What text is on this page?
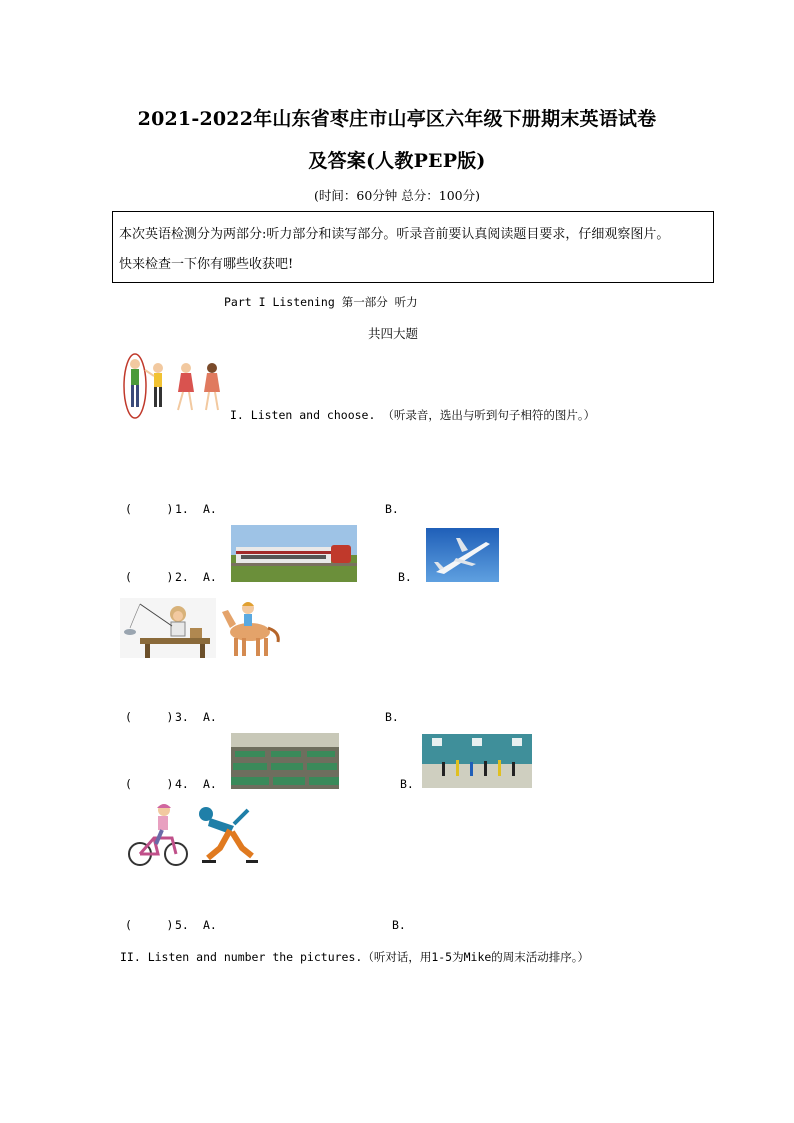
2021-2022年山东省枣庄市山亭区六年级下册期末英语试卷
及答案(人教PEP版)
(时间：60分钟 总分：100分)
本次英语检测分为两部分:听力部分和读写部分。听录音前要认真阅读题目要求，仔细观察图片。
快来检查一下你有哪些收获吧!
Part I Listening 第一部分 听力
共四大题
I. Listen and choose. （听录音，选出与听到句子相符的图片。）
(     ) 1. A.	B.
(     ) 2. A.	B.
(     ) 3. A.	B.
(     ) 4. A.	B.
(     ) 5. A.	B.
II. Listen and number the pictures.（听对话，用1-5为Mike的周末活动排序。）
